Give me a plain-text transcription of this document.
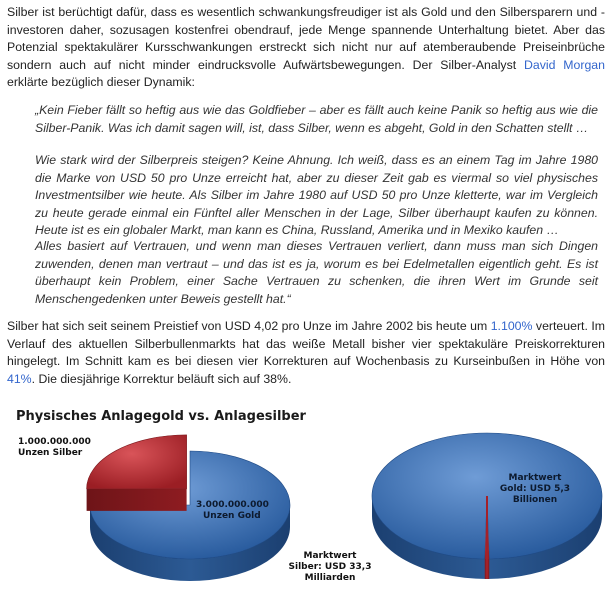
Silber ist berüchtigt dafür, dass es wesentlich schwankungsfreudiger ist als Gold und den Silbersparern und -investoren daher, sozusagen kostenfrei obendrauf, jede Menge spannende Unterhaltung bietet. Aber das Potenzial spektakulärer Kursschwankungen erstreckt sich nicht nur auf atemberaubende Preiseinbrüche sondern auch auf nicht minder eindrucksvolle Aufwärtsbewegungen. Der Silber-Analyst David Morgan erklärte bezüglich dieser Dynamik:

„Kein Fieber fällt so heftig aus wie das Goldfieber – aber es fällt auch keine Panik so heftig aus wie die Silber-Panik. Was ich damit sagen will, ist, dass Silber, wenn es abgeht, Gold in den Schatten stellt …

Wie stark wird der Silberpreis steigen? Keine Ahnung. Ich weiß, dass es an einem Tag im Jahre 1980 die Marke von USD 50 pro Unze erreicht hat, aber zu dieser Zeit gab es viermal so viel physisches Investmentsilber wie heute. Als Silber im Jahre 1980 auf USD 50 pro Unze kletterte, war im Vergleich zu heute gerade einmal ein Fünftel aller Menschen in der Lage, Silber überhaupt kaufen zu können. Heute ist es ein globaler Markt, man kann es China, Russland, Amerika und in Mexiko kaufen …

Alles basiert auf Vertrauen, und wenn man dieses Vertrauen verliert, dann muss man sich Dingen zuwenden, denen man vertraut – und das ist es ja, worum es bei Edelmetallen eigentlich geht. Es ist überhaupt kein Problem, einer Sache Vertrauen zu schenken, die ihren Wert im Grunde seit Menschengedenken unter Beweis gestellt hat.“

Silber hat sich seit seinem Preistief von USD 4,02 pro Unze im Jahre 2002 bis heute um 1.100% verteuert. Im Verlauf des aktuellen Silberbullenmarkts hat das weiße Metall bisher vier spektakuläre Preiskorrekturen hingelegt. Im Schnitt kam es bei diesen vier Korrekturen auf Wochenbasis zu Kurseinbußen in Höhe von 41%. Die diesjährige Korrektur beläuft sich auf 38%.

Physisches Anlagegold vs. Anlagesilber

1.000.000.000

Unzen Silber

3.000.000.000

Unzen Gold

Marktwert

Gold: USD 5,3

Billionen

Marktwert

Silber: USD 33,3

Milliarden
